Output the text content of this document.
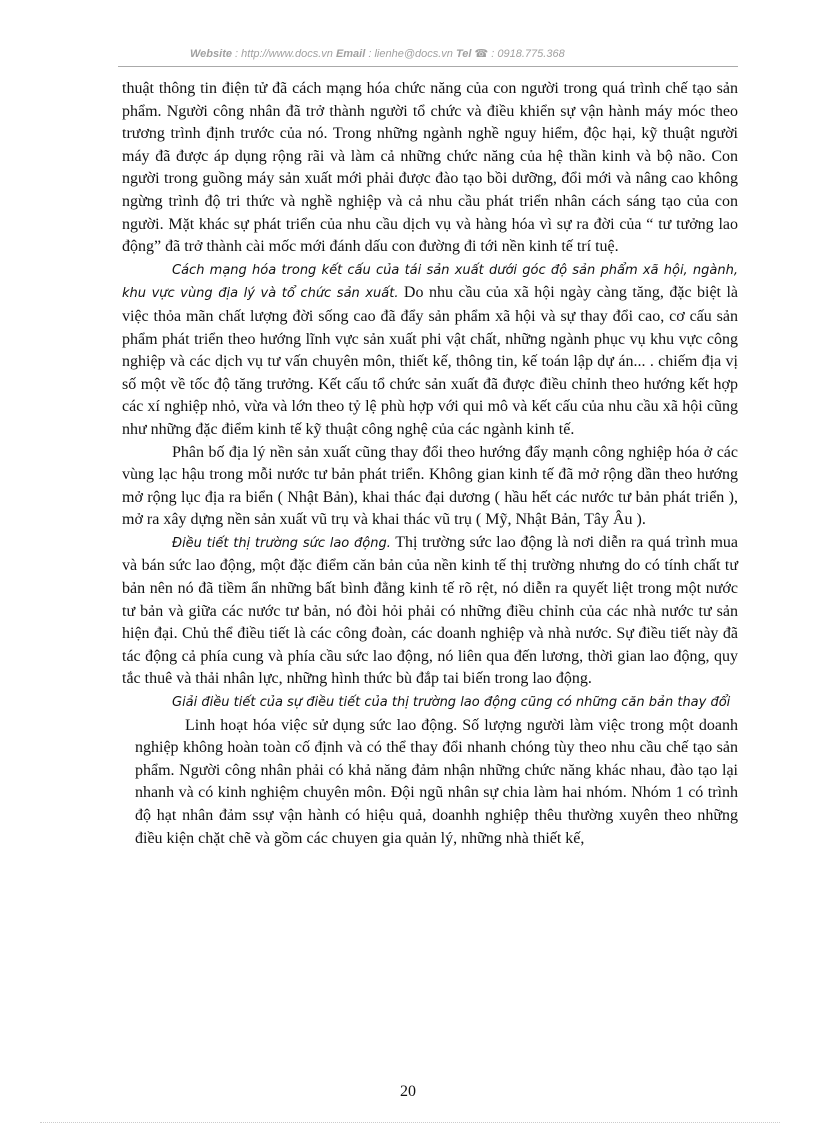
Website : http://www.docs.vn Email : lienhe@docs.vn Tel ☎ : 0918.775.368

thuật thông tin điện tử đã cách mạng hóa chức năng của con người trong quá trình chế tạo sản phẩm. Người công nhân đã trở thành người tổ chức và điều khiển sự vận hành máy móc theo trương trình định trước của nó. Trong những ngành nghề nguy hiểm, độc hại, kỹ thuật người máy đã được áp dụng rộng rãi và làm cả những chức năng của hệ thần kinh và bộ não. Con người trong guồng máy sản xuất mới phải được đào tạo bồi dưỡng, đổi mới và nâng cao không ngừng trình độ tri thức và nghề nghiệp và cả nhu cầu phát triển nhân cách sáng tạo của con người. Mặt khác sự phát triển của nhu cầu dịch vụ và hàng hóa vì sự ra đời của “ tư tưởng lao động” đã trở thành cài mốc mới đánh dấu con đường đi tới nền kinh tế trí tuệ.

Cách mạng hóa trong kết cấu của tái sản xuất dưới góc độ sản phẩm xã hội, ngành, khu vực vùng địa lý và tổ chức sản xuất. Do nhu cầu của xã hội ngày càng tăng, đặc biệt là việc thỏa mãn chất lượng đời sống cao đã đẩy sản phẩm xã hội và sự thay đổi cao, cơ cấu sản phẩm phát triển theo hướng lĩnh vực sản xuất phi vật chất, những ngành phục vụ khu vực công nghiệp và các dịch vụ tư vấn chuyên môn, thiết kế, thông tin, kế toán lập dự án... . chiếm địa vị số một về tốc độ tăng trưởng. Kết cấu tổ chức sản xuất đã được điều chỉnh theo hướng kết hợp các xí nghiệp nhỏ, vừa và lớn theo tỷ lệ phù hợp với qui mô và kết cấu của nhu cầu xã hội cũng như những đặc điểm kinh tế kỹ thuật công nghệ của các ngành kinh tế.

Phân bố địa lý nền sản xuất cũng thay đổi theo hướng đẩy mạnh công nghiệp hóa ở các vùng lạc hậu trong mỗi nước tư bản phát triển. Không gian kinh tế đã mở rộng dần theo hướng mở rộng lục địa ra biển ( Nhật Bản), khai thác đại dương ( hầu hết các nước tư bản phát triển ), mở ra xây dựng nền sản xuất vũ trụ và khai thác vũ trụ ( Mỹ, Nhật Bản, Tây Âu ).

Điều tiết thị trường sức lao động. Thị trường sức lao động là nơi diễn ra quá trình mua và bán sức lao động, một đặc điểm căn bản của nền kinh tế thị trường nhưng do có tính chất tư bản nên nó đã tiềm ẩn những bất bình đẳng kinh tế rõ rệt, nó diễn ra quyết liệt trong một nước tư bản và giữa các nước tư bản, nó đòi hỏi phải có những điều chỉnh của các nhà nước tư sản hiện đại. Chủ thể điều tiết là các công đoàn, các doanh nghiệp và nhà nước. Sự điều tiết này đã tác động cả phía cung và phía cầu sức lao động, nó liên qua đến lương, thời gian lao động, quy tắc thuê và thải nhân lực, những hình thức bù đắp tai biến trong lao động.

Giải điều tiết của sự điều tiết của thị trường lao động cũng có những căn bản thay đổi

Linh hoạt hóa việc sử dụng sức lao động. Số lượng người làm việc trong một doanh nghiệp không hoàn toàn cố định và có thể thay đổi nhanh chóng tùy theo nhu cầu chế tạo sản phẩm. Người công nhân phải có khả năng đảm nhận những chức năng khác nhau, đào tạo lại nhanh và có kinh nghiệm chuyên môn. Đội ngũ nhân sự chia làm hai nhóm. Nhóm 1 có trình độ hạt nhân đảm ssự vận hành có hiệu quả, doanhh nghiệp thêu thường xuyên theo những điều kiện chặt chẽ và gồm các chuyen gia quản lý, những nhà thiết kế,

20
